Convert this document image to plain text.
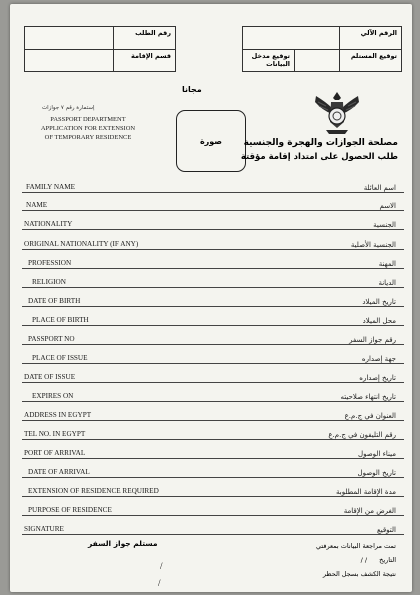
رقم الطلب
قسم الإقامة
الرقم الآلي
توقيع مدخل البيانات
توقيع المستلم
مجانا
إستمارة رقم ٧ جوازات
PASSPORT DEPARTMENT
APPLICATION FOR EXTENSION
OF TEMPORARY RESIDENCE	صورة مصلحة الجوازات والهجرة والجنسية
طلب الحصول على امتداد إقامة مؤقتة
FAMILY NAME	اسم العائلة
NAME	الاسم
NATIONALITY	الجنسية
ORIGINAL NATIONALITY (IF ANY)	الجنسية الأصلية
PROFESSION	المهنة
RELIGION	الديانة
DATE OF BIRTH	تاريخ الميلاد
PLACE OF BIRTH	محل الميلاد
PASSPORT NO	رقم جواز السفر
PLACE OF ISSUE	جهة إصداره
DATE OF ISSUE	تاريخ إصداره
EXPIRES ON	تاريخ انتهاء صلاحيته
ADDRESS IN EGYPT	العنوان في ج.م.ع
TEL NO. IN EGYPT	رقم التليفون في ج.م.ع
PORT OF ARRIVAL	ميناء الوصول
DATE OF ARRIVAL	تاريخ الوصول
EXTENSION OF RESIDENCE REQUIRED	مدة الإقامة المطلوبة
PURPOSE OF RESIDENCE	الغرض من الإقامة
SIGNATURE	التوقيع
تمت مراجعة البيانات بمعرفتي
/ / التاريخ
نتيجة الكشف بسجل الحظر
مستلم جواز السفر
/
/
